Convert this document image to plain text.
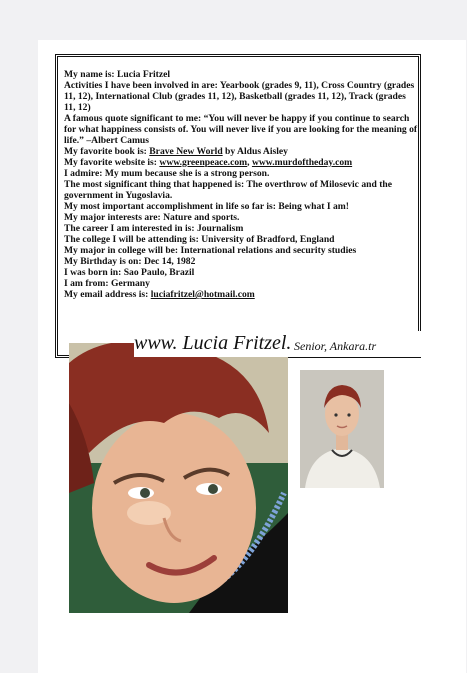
My name is: Lucia Fritzel

Activities I have been involved in are: Yearbook (grades 9, 11), Cross Country (grades 11, 12), International Club (grades 11, 12), Basketball (grades 11, 12), Track (grades 11, 12)

A famous quote significant to me: “You will never be happy if you continue to search for what happiness consists of. You will never live if you are looking for the meaning of life.” –Albert Camus

My favorite book is: Brave New World by Aldus Aisley

My favorite website is: www.greenpeace.com, www.murdoftheday.com

I admire: My mum because she is a strong person.

The most significant thing that happened is: The overthrow of Milosevic and the government in Yugoslavia.

My most important accomplishment in life so far is: Being what I am!

My major interests are: Nature and sports.

The career I am interested in is: Journalism

The college I will be attending is: University of Bradford, England

My major in college will be: International relations and security studies

My Birthday is on: Dec 14, 1982

I was born in: Sao Paulo, Brazil

I am from: Germany

My email address is: luciafritzel@hotmail.com

www. Lucia Fritzel. Senior, Ankara.tr
